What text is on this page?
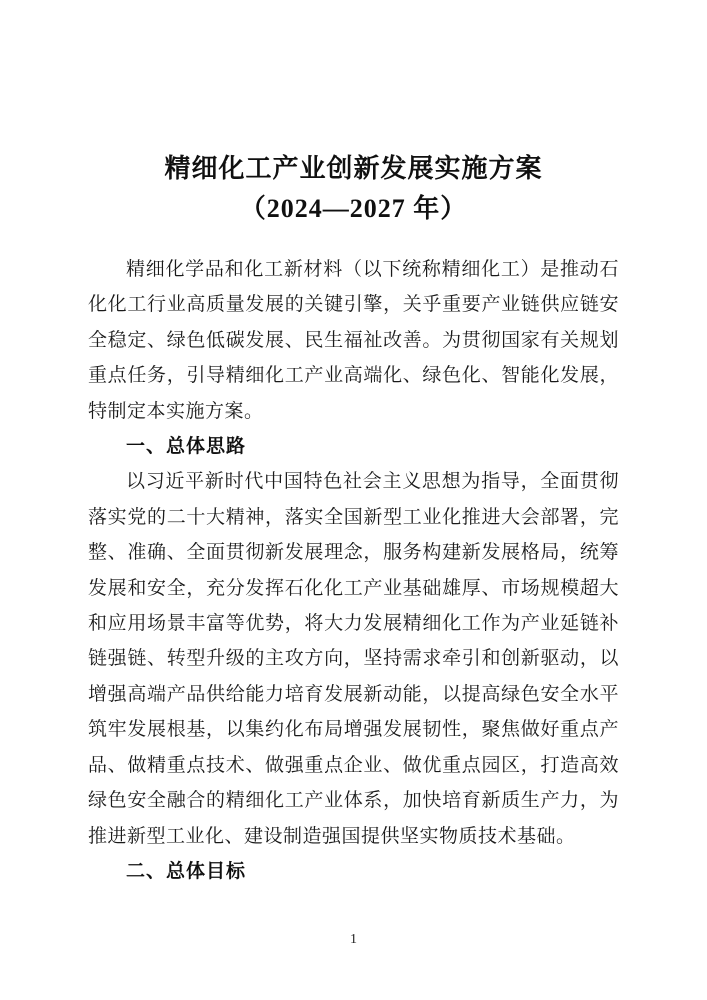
精细化工产业创新发展实施方案
（2024—2027 年）

精细化学品和化工新材料（以下统称精细化工）是推动石化化工行业高质量发展的关键引擎，关乎重要产业链供应链安全稳定、绿色低碳发展、民生福祉改善。为贯彻国家有关规划重点任务，引导精细化工产业高端化、绿色化、智能化发展，特制定本实施方案。

一、总体思路

以习近平新时代中国特色社会主义思想为指导，全面贯彻落实党的二十大精神，落实全国新型工业化推进大会部署，完整、准确、全面贯彻新发展理念，服务构建新发展格局，统筹发展和安全，充分发挥石化化工产业基础雄厚、市场规模超大和应用场景丰富等优势，将大力发展精细化工作为产业延链补链强链、转型升级的主攻方向，坚持需求牵引和创新驱动，以增强高端产品供给能力培育发展新动能，以提高绿色安全水平筑牢发展根基，以集约化布局增强发展韧性，聚焦做好重点产品、做精重点技术、做强重点企业、做优重点园区，打造高效绿色安全融合的精细化工产业体系，加快培育新质生产力，为推进新型工业化、建设制造强国提供坚实物质技术基础。

二、总体目标
1
